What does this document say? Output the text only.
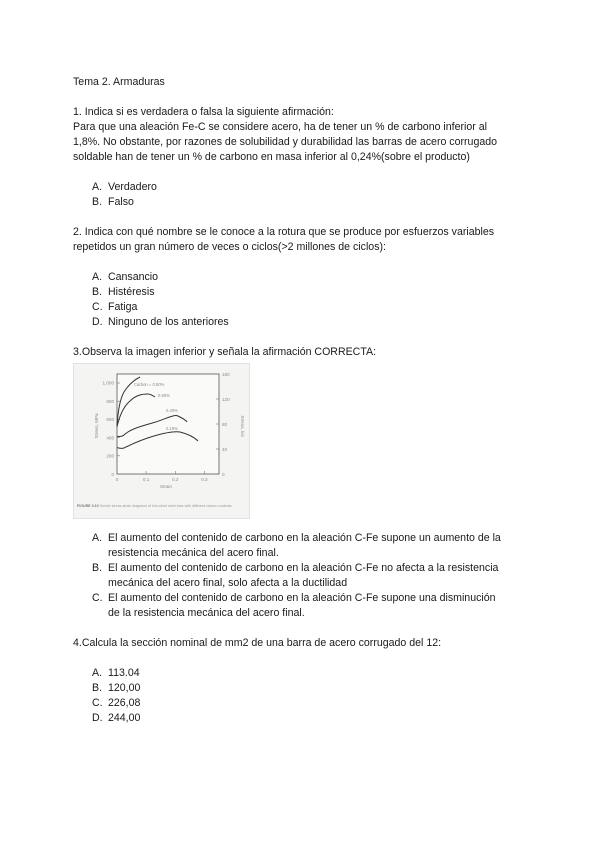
Tema 2. Armaduras

1. Indica si es verdadera o falsa la siguiente afirmación:
Para que una aleación Fe-C se considere acero, ha de tener un % de carbono inferior al
1,8%. No obstante, por razones de solubilidad y durabilidad las barras de acero corrugado
soldable han de tener un % de carbono en masa inferior al 0,24%(sobre el producto)
A. Verdadero
B. Falso
2. Indica con qué nombre se le conoce a la rotura que se produce por esfuerzos variables
repetidos un gran número de veces o ciclos(>2 millones de ciclos):
A. Cansancio
B. Histéresis
C. Fatiga
D. Ninguno de los anteriores
3.Observa la imagen inferior y señala la afirmación CORRECTA:
0
200
400
600
800
1,000
0
40
80
120
160
0	0.1	0.2	0.3
Strain
Stress, MPa	Stress, ksi
Carbon = 0.80%
0.60%
0.40%
0.19%
FIGURE 3.10 Tensile stress-strain diagrams of hot-rolled steel bars with different carbon contents.
A. El aumento del contenido de carbono en la aleación C-Fe supone un aumento de la
resistencia mecánica del acero final.
B. El aumento del contenido de carbono en la aleación C-Fe no afecta a la resistencia
mecánica del acero final, solo afecta a la ductilidad
C. El aumento del contenido de carbono en la aleación C-Fe supone una disminución
de la resistencia mecánica del acero final.
4.Calcula la sección nominal de mm2 de una barra de acero corrugado del 12:
A. 113.04
B. 120,00
C. 226,08
D. 244,00
